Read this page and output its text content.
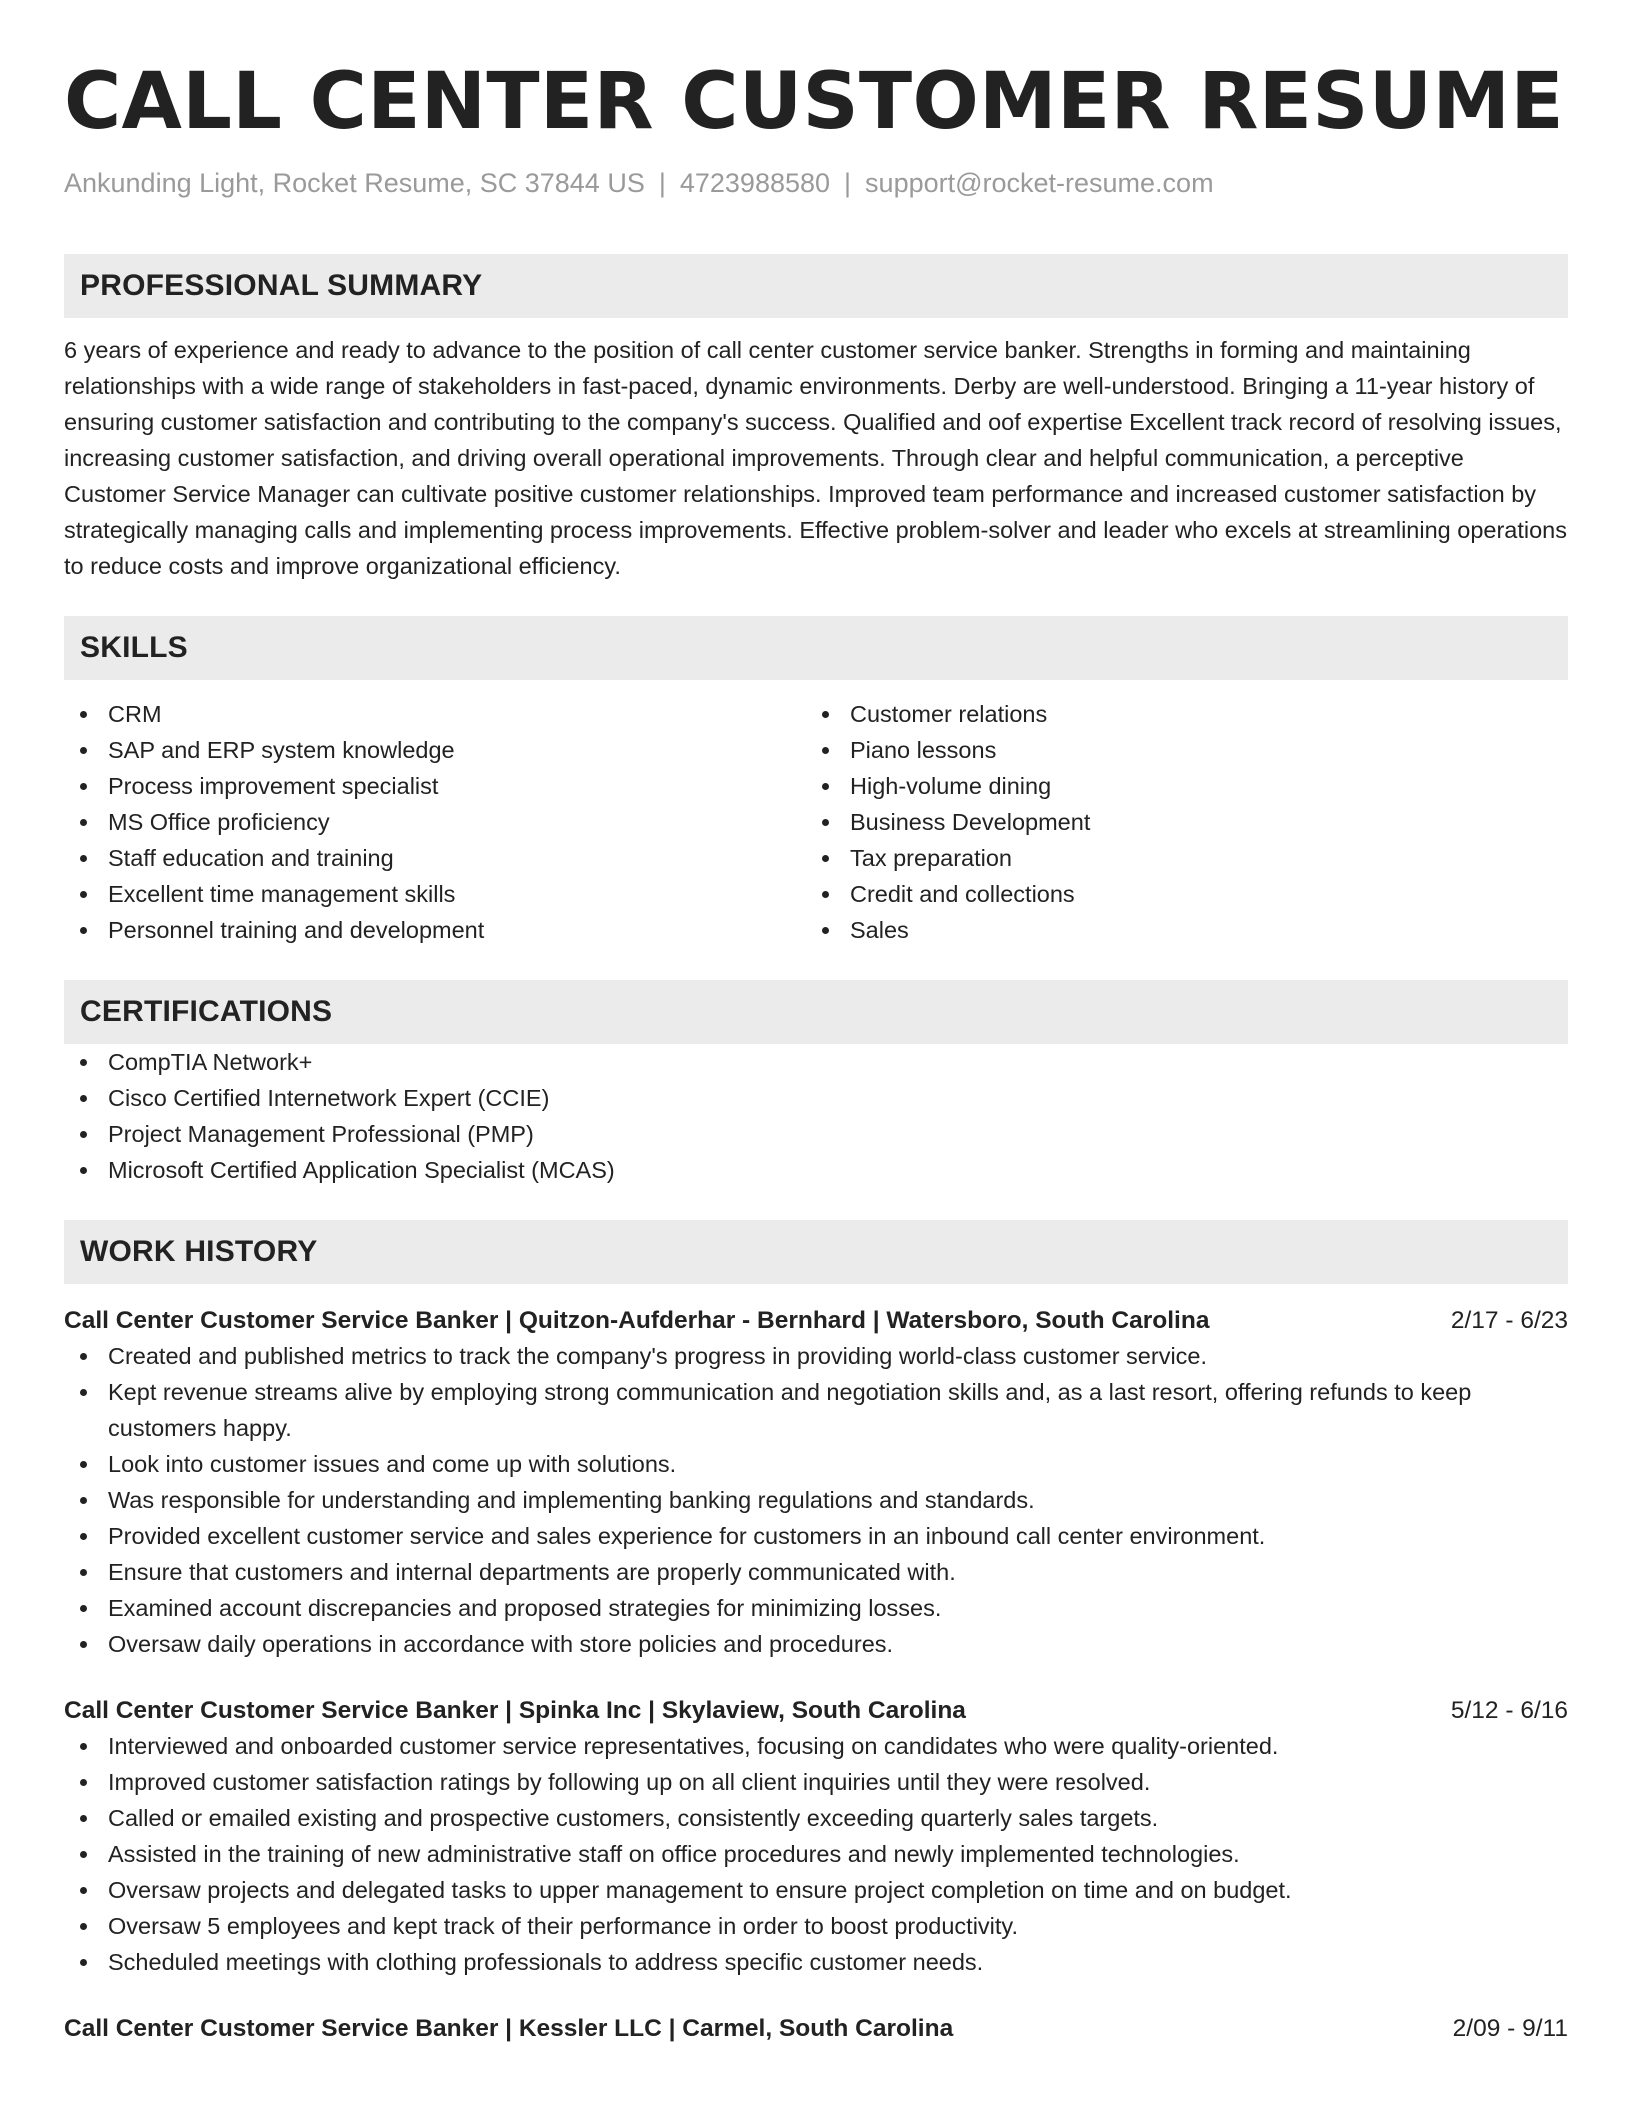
CALL CENTER CUSTOMER RESUME
Ankunding Light, Rocket Resume, SC 37844 US | 4723988580 | support@rocket-resume.com
PROFESSIONAL SUMMARY

6 years of experience and ready to advance to the position of call center customer service banker. Strengths in forming and maintaining relationships with a wide range of stakeholders in fast-paced, dynamic environments. Derby are well-understood. Bringing a 11-year history of ensuring customer satisfaction and contributing to the company's success. Qualified and oof expertise Excellent track record of resolving issues, increasing customer satisfaction, and driving overall operational improvements. Through clear and helpful communication, a perceptive Customer Service Manager can cultivate positive customer relationships. Improved team performance and increased customer satisfaction by strategically managing calls and implementing process improvements. Effective problem-solver and leader who excels at streamlining operations to reduce costs and improve organizational efficiency.

SKILLS
CRM
SAP and ERP system knowledge
Process improvement specialist
MS Office proficiency
Staff education and training
Excellent time management skills
Personnel training and development
Customer relations
Piano lessons
High-volume dining
Business Development
Tax preparation
Credit and collections
Sales
CERTIFICATIONS
CompTIA Network+
Cisco Certified Internetwork Expert (CCIE)
Project Management Professional (PMP)
Microsoft Certified Application Specialist (MCAS)
WORK HISTORY
Call Center Customer Service Banker | Quitzon-Aufderhar - Bernhard | Watersboro, South Carolina	2/17 - 6/23
Created and published metrics to track the company's progress in providing world-class customer service.
Kept revenue streams alive by employing strong communication and negotiation skills and, as a last resort, offering refunds to keep customers happy.
Look into customer issues and come up with solutions.
Was responsible for understanding and implementing banking regulations and standards.
Provided excellent customer service and sales experience for customers in an inbound call center environment.
Ensure that customers and internal departments are properly communicated with.
Examined account discrepancies and proposed strategies for minimizing losses.
Oversaw daily operations in accordance with store policies and procedures.
Call Center Customer Service Banker | Spinka Inc | Skylaview, South Carolina	5/12 - 6/16
Interviewed and onboarded customer service representatives, focusing on candidates who were quality-oriented.
Improved customer satisfaction ratings by following up on all client inquiries until they were resolved.
Called or emailed existing and prospective customers, consistently exceeding quarterly sales targets.
Assisted in the training of new administrative staff on office procedures and newly implemented technologies.
Oversaw projects and delegated tasks to upper management to ensure project completion on time and on budget.
Oversaw 5 employees and kept track of their performance in order to boost productivity.
Scheduled meetings with clothing professionals to address specific customer needs.
Call Center Customer Service Banker | Kessler LLC | Carmel, South Carolina	2/09 - 9/11
